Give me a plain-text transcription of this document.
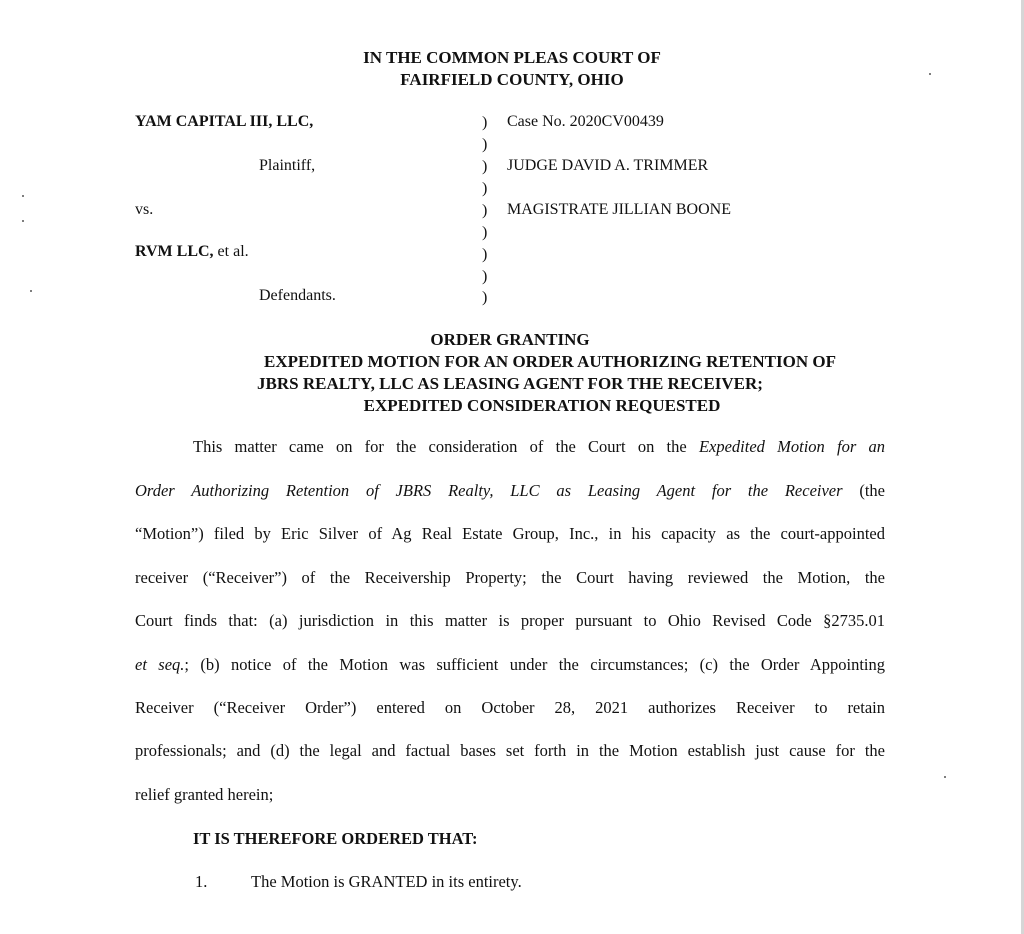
IN THE COMMON PLEAS COURT OF
FAIRFIELD COUNTY, OHIO
YAM CAPITAL III, LLC,
Plaintiff,
vs.
RVM LLC, et al.
Defendants.
)
)
)
)
)
)
)
)
)
Case No. 2020CV00439
JUDGE DAVID A. TRIMMER
MAGISTRATE JILLIAN BOONE
ORDER GRANTING
EXPEDITED MOTION FOR AN ORDER AUTHORIZING RETENTION OF
JBRS REALTY, LLC AS LEASING AGENT FOR THE RECEIVER;
EXPEDITED CONSIDERATION REQUESTED
This matter came on for the consideration of the Court on the Expedited Motion for an
Order Authorizing Retention of JBRS Realty, LLC as Leasing Agent for the Receiver (the
“Motion”) filed by Eric Silver of Ag Real Estate Group, Inc., in his capacity as the court-appointed
receiver (“Receiver”) of the Receivership Property; the Court having reviewed the Motion, the
Court finds that: (a) jurisdiction in this matter is proper pursuant to Ohio Revised Code §2735.01
et seq.; (b) notice of the Motion was sufficient under the circumstances; (c) the Order Appointing
Receiver (“Receiver Order”) entered on October 28, 2021 authorizes Receiver to retain
professionals; and (d) the legal and factual bases set forth in the Motion establish just cause for the
relief granted herein;
IT IS THEREFORE ORDERED THAT:
1.	The Motion is GRANTED in its entirety.
